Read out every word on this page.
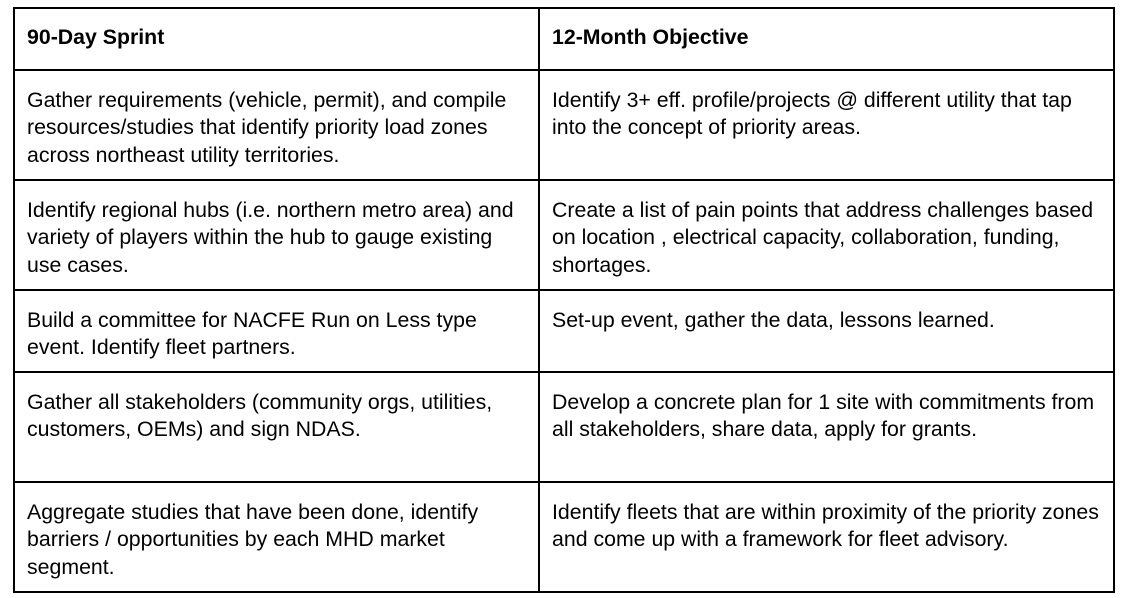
90-Day Sprint	12-Month Objective
Gather requirements (vehicle, permit), and compile resources/studies that identify priority load zones across northeast utility territories.	Identify 3+ eff. profile/projects @ different utility that tap into the concept of priority areas.
Identify regional hubs (i.e. northern metro area) and variety of players within the hub to gauge existing use cases.	Create a list of pain points that address challenges based on location , electrical capacity, collaboration, funding, shortages.
Build a committee for NACFE Run on Less type event. Identify fleet partners.	Set-up event, gather the data, lessons learned.
Gather all stakeholders (community orgs, utilities, customers, OEMs) and sign NDAS.	Develop a concrete plan for 1 site with commitments from all stakeholders, share data, apply for grants.
Aggregate studies that have been done, identify barriers / opportunities by each MHD market segment.	Identify fleets that are within proximity of the priority zones and come up with a framework for fleet advisory.
